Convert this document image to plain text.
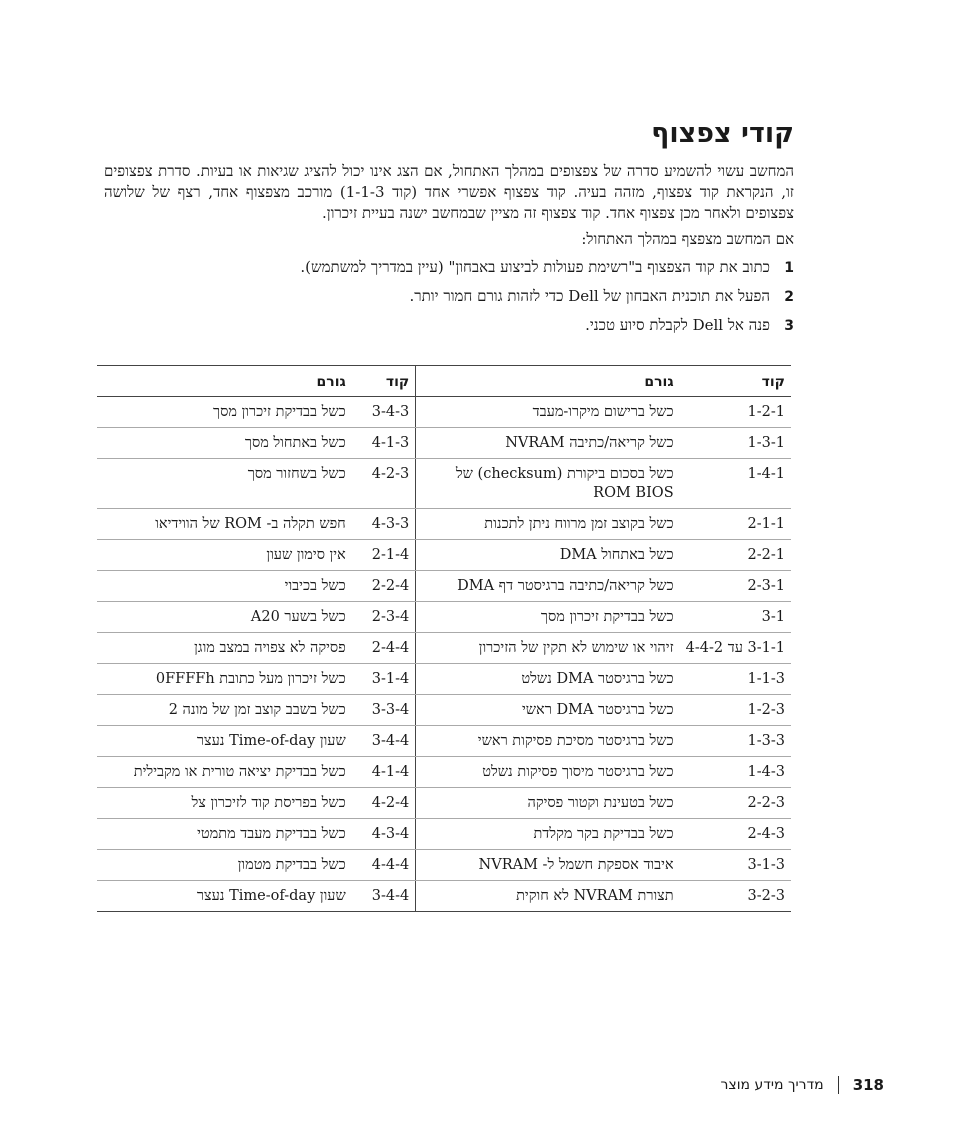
קודי צפצוף

המחשב עשוי להשמיע סדרה של צפצופים במהלך האתחול, אם הצג אינו יכול להציג שגיאות או בעיות. סדרת צפצופים זו, הנקראת קוד צפצוף, מזהה בעיה. קוד צפצוף אפשרי אחד (קוד 1-1-3) מורכב מצפצוף אחד, רצף של שלושה צפצופים ולאחר מכן צפצוף אחד. קוד צפצוף זה מציין שבמחשב ישנה בעיית זיכרון.

אם המחשב מצפצף במהלך האתחול:

1
כתוב את קוד הצפצוף ב"רשימת פעולות לביצוע באבחון" (עיין במדריך למשתמש).
2
הפעל את תוכנית האבחון של Dell כדי לזהות גורם חמור יותר.
3
פנה אל Dell לקבלת סיוע טכני.
קוד	גורם	קוד	גורם
1-2-1	כשל ברישום מיקרו-מעבד	3-4-3	כשל בבדיקת זיכרון מסך
1-3-1	כשל קריאה/כתיבה NVRAM	4-1-3	כשל באתחול מסך
1-4-1	כשל בסכום ביקורת (checksum) של ROM BIOS	4-2-3	כשל בשחזור מסך
2-1-1	כשל בקוצב זמן מרווח ניתן לתכנות	4-3-3	חפש תקלה ב- ROM של הווידיאו
2-2-1	כשל באתחול DMA	2-1-4	אין סימון שעון
2-3-1	כשל קריאה/כתיבה ברגיסטר דף DMA	2-2-4	כשל בכיבוי
3-1	כשל בבדיקת זיכרון מסך	2-3-4	כשל בשער A20
3-1-1 עד 4-4-2	זיהוי או שימוש לא תקין של הזיכרון	2-4-4	פסיקה לא צפויה במצב מוגן
1-1-3	כשל ברגיסטר DMA נשלט	3-1-4	כשל זיכרון מעל כתובת 0FFFFh
1-2-3	כשל ברגיסטר DMA ראשי	3-3-4	כשל בשבב קוצב זמן של מונה 2
1-3-3	כשל ברגיסטר מסיכת פסיקות ראשי	3-4-4	שעון Time-of-day נעצר
1-4-3	כשל ברגיסטר מיסוך פסיקות נשלט	4-1-4	כשל בבדיקת יציאה טורית או מקבילית
2-2-3	כשל בטעינת וקטור פסיקה	4-2-4	כשל בפריסת קוד לזיכרון צל
2-4-3	כשל בבדיקת בקר מקלדת	4-3-4	כשל בבדיקת מעבד מתמטי
3-1-3	איבוד אספקת חשמל ל- NVRAM	4-4-4	כשל בבדיקת מטמון
3-2-3	תצורת NVRAM לא חוקית	3-4-4	שעון Time-of-day נעצר
318
מדריך מידע מוצר
